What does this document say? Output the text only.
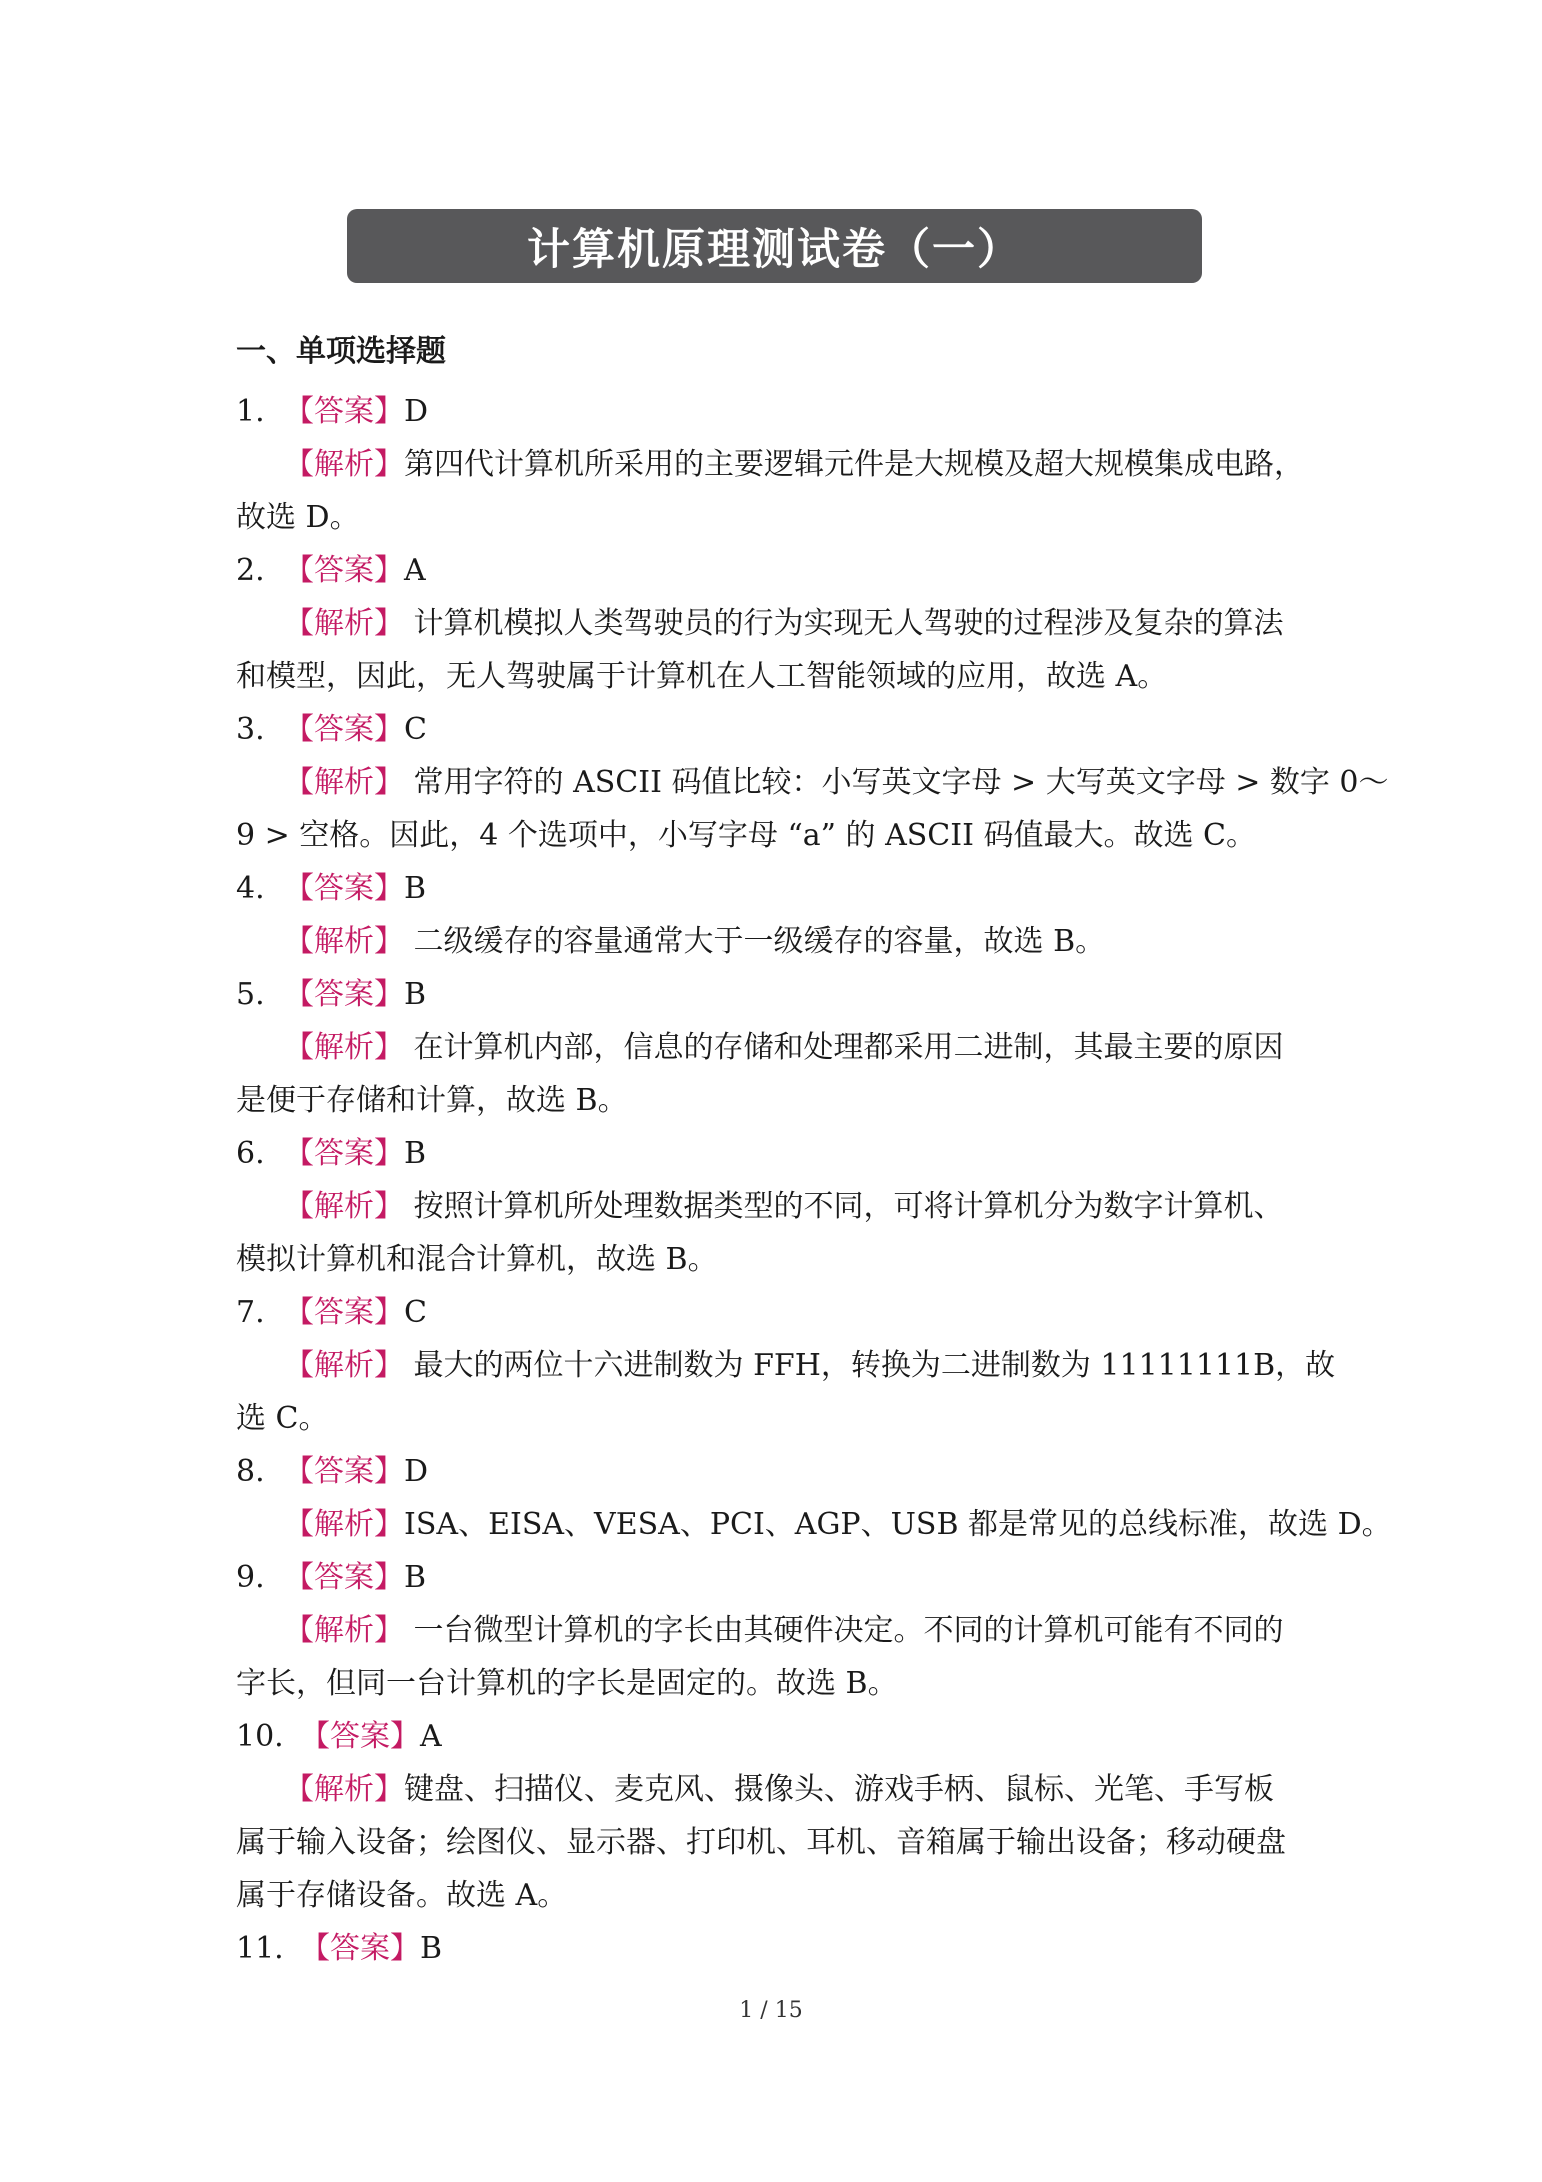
计算机原理测试卷（一）
一、单项选择题
1. 【答案】D
【解析】第四代计算机所采用的主要逻辑元件是大规模及超大规模集成电路，
故选 D。
2. 【答案】A
【解析】 计算机模拟人类驾驶员的行为实现无人驾驶的过程涉及复杂的算法
和模型，因此，无人驾驶属于计算机在人工智能领域的应用，故选 A。
3. 【答案】C
【解析】 常用字符的 ASCII 码值比较：小写英文字母 > 大写英文字母 > 数字 0～
9 > 空格。因此，4 个选项中，小写字母 “a” 的 ASCII 码值最大。故选 C。
4. 【答案】B
【解析】 二级缓存的容量通常大于一级缓存的容量，故选 B。
5. 【答案】B
【解析】 在计算机内部，信息的存储和处理都采用二进制，其最主要的原因
是便于存储和计算，故选 B。
6. 【答案】B
【解析】 按照计算机所处理数据类型的不同，可将计算机分为数字计算机、
模拟计算机和混合计算机，故选 B。
7. 【答案】C
【解析】 最大的两位十六进制数为 FFH，转换为二进制数为 11111111B，故
选 C。
8. 【答案】D
【解析】ISA、EISA、VESA、PCI、AGP、USB 都是常见的总线标准，故选 D。
9. 【答案】B
【解析】 一台微型计算机的字长由其硬件决定。不同的计算机可能有不同的
字长，但同一台计算机的字长是固定的。故选 B。
10. 【答案】A
【解析】键盘、扫描仪、麦克风、摄像头、游戏手柄、鼠标、光笔、手写板
属于输入设备；绘图仪、显示器、打印机、耳机、音箱属于输出设备；移动硬盘
属于存储设备。故选 A。
11. 【答案】B
1 / 15
